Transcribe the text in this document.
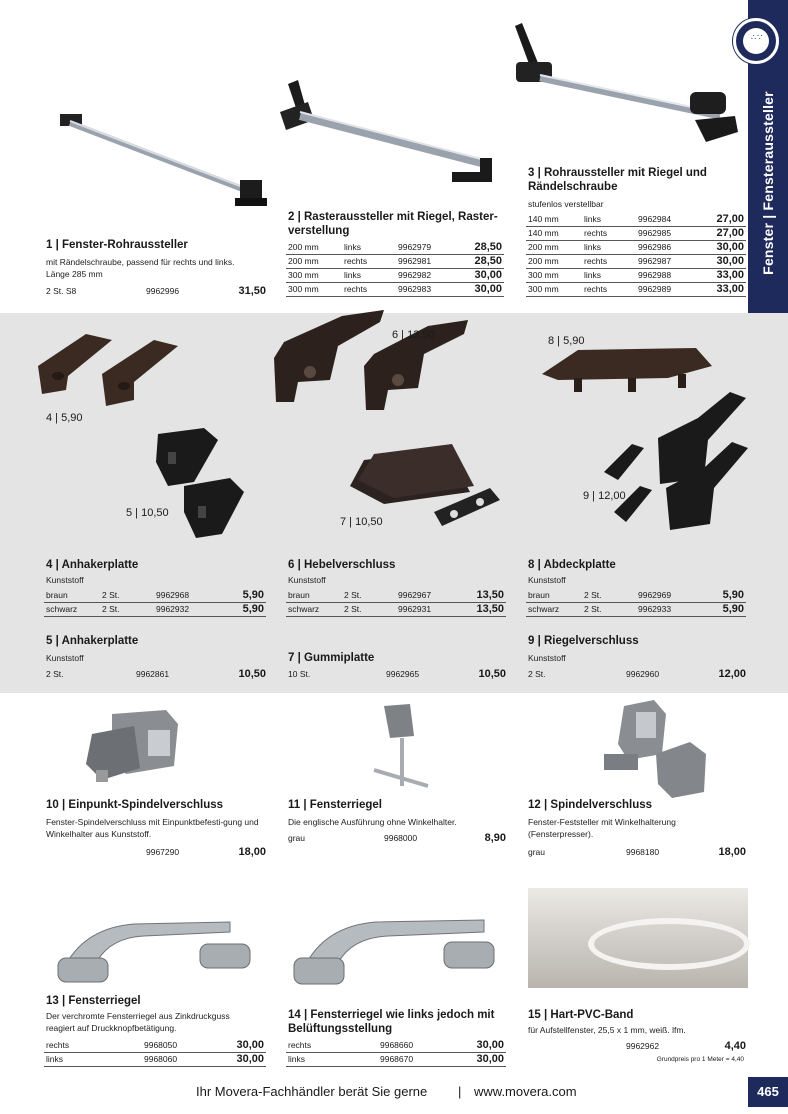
Fenster | Fensteraussteller
∴∵
4 | 5,90
5 | 10,50
6 | 13,50
7 | 10,50
8 | 5,90
9 | 12,00
1 | Fenster-Rohraussteller
mit Rändelschraube, passend für rechts und links. Länge 285 mm
2 St. S8	9962996	31,50
2 | Rasteraussteller mit Riegel, Raster-verstellung
200 mm	links	9962979	28,50
200 mm	rechts	9962981	28,50
300 mm	links	9962982	30,00
300 mm	rechts	9962983	30,00
3 | Rohraussteller mit Riegel und Rändelschraube
stufenlos verstellbar
140 mm	links	9962984	27,00
140 mm	rechts	9962985	27,00
200 mm	links	9962986	30,00
200 mm	rechts	9962987	30,00
300 mm	links	9962988	33,00
300 mm	rechts	9962989	33,00
4 | Anhakerplatte
Kunststoff
braun	2 St.	9962968	5,90
schwarz	2 St.	9962932	5,90
5 | Anhakerplatte
Kunststoff
2 St.	9962861	10,50
6 | Hebelverschluss
Kunststoff
braun	2 St.	9962967	13,50
schwarz	2 St.	9962931	13,50
7 | Gummiplatte
10 St.	9962965	10,50
8 | Abdeckplatte
Kunststoff
braun	2 St.	9962969	5,90
schwarz	2 St.	9962933	5,90
9 | Riegelverschluss
Kunststoff
2 St.	9962960	12,00
10 | Einpunkt-Spindelverschluss
Fenster-Spindelverschluss mit Einpunktbefesti-gung und Winkelhalter aus Kunststoff.
9967290	18,00
11 | Fensterriegel
Die englische Ausführung ohne Winkelhalter.
grau	9968000	8,90
12 | Spindelverschluss
Fenster-Feststeller mit Winkelhalterung (Fensterpresser).
grau	9968180	18,00
13 | Fensterriegel
Der verchromte Fensterriegel aus Zinkdruckguss reagiert auf Druckknopfbetätigung.
rechts	9968050	30,00
links	9968060	30,00
14 | Fensterriegel wie links jedoch mit Belüftungsstellung
rechts	9968660	30,00
links	9968670	30,00
15 | Hart-PVC-Band
für Aufstellfenster, 25,5 x 1 mm, weiß. lfm.
9962962	4,40
Grundpreis pro 1 Meter = 4,40
Ihr Movera-Fachhändler berät Sie gerne | www.movera.com	465
